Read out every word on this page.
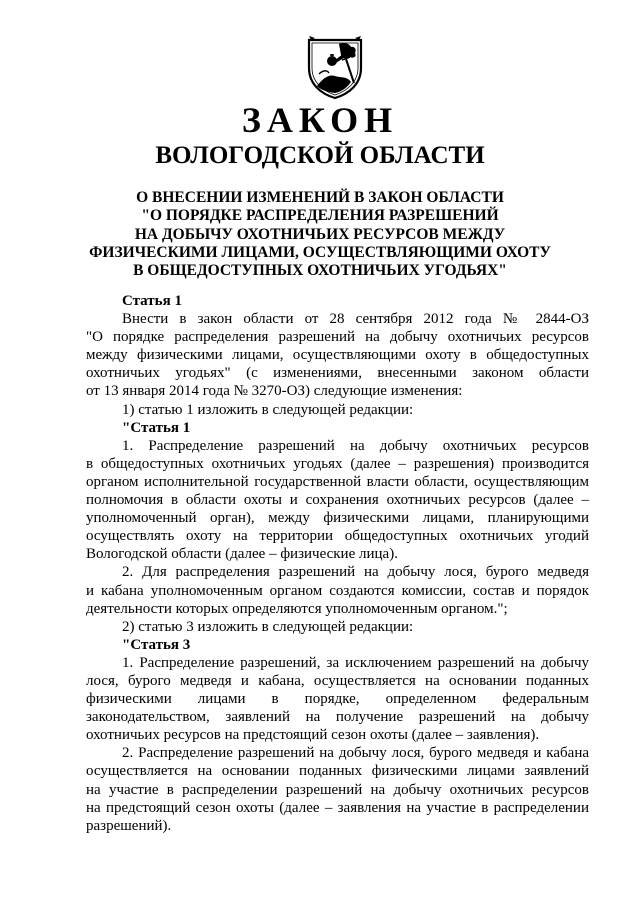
ЗАКОН
ВОЛОГОДСКОЙ ОБЛАСТИ
О ВНЕСЕНИИ ИЗМЕНЕНИЙ В ЗАКОН ОБЛАСТИ
"О ПОРЯДКЕ РАСПРЕДЕЛЕНИЯ РАЗРЕШЕНИЙ
НА ДОБЫЧУ ОХОТНИЧЬИХ РЕСУРСОВ МЕЖДУ
ФИЗИЧЕСКИМИ ЛИЦАМИ, ОСУЩЕСТВЛЯЮЩИМИ ОХОТУ
В ОБЩЕДОСТУПНЫХ ОХОТНИЧЬИХ УГОДЬЯХ"
Статья 1
Внести в закон области от 28 сентября 2012 года № 2844-ОЗ
"О порядке распределения разрешений на добычу охотничьих ресурсов
между физическими лицами, осуществляющими охоту в общедоступных
охотничьих угодьях" (с изменениями, внесенными законом области
от 13 января 2014 года № 3270-ОЗ) следующие изменения:
1) статью 1 изложить в следующей редакции:
"Статья 1
1. Распределение разрешений на добычу охотничьих ресурсов
в общедоступных охотничьих угодьях (далее – разрешения) производится
органом исполнительной государственной власти области, осуществляющим
полномочия в области охоты и сохранения охотничьих ресурсов (далее –
уполномоченный орган), между физическими лицами, планирующими
осуществлять охоту на территории общедоступных охотничьих угодий
Вологодской области (далее – физические лица).
2. Для распределения разрешений на добычу лося, бурого медведя
и кабана уполномоченным органом создаются комиссии, состав и порядок
деятельности которых определяются уполномоченным органом.";
2) статью 3 изложить в следующей редакции:
"Статья 3
1. Распределение разрешений, за исключением разрешений на добычу
лося, бурого медведя и кабана, осуществляется на основании поданных
физическими лицами в порядке, определенном федеральным
законодательством, заявлений на получение разрешений на добычу
охотничьих ресурсов на предстоящий сезон охоты (далее – заявления).
2. Распределение разрешений на добычу лося, бурого медведя и кабана
осуществляется на основании поданных физическими лицами заявлений
на участие в распределении разрешений на добычу охотничьих ресурсов
на предстоящий сезон охоты (далее – заявления на участие в распределении
разрешений).
